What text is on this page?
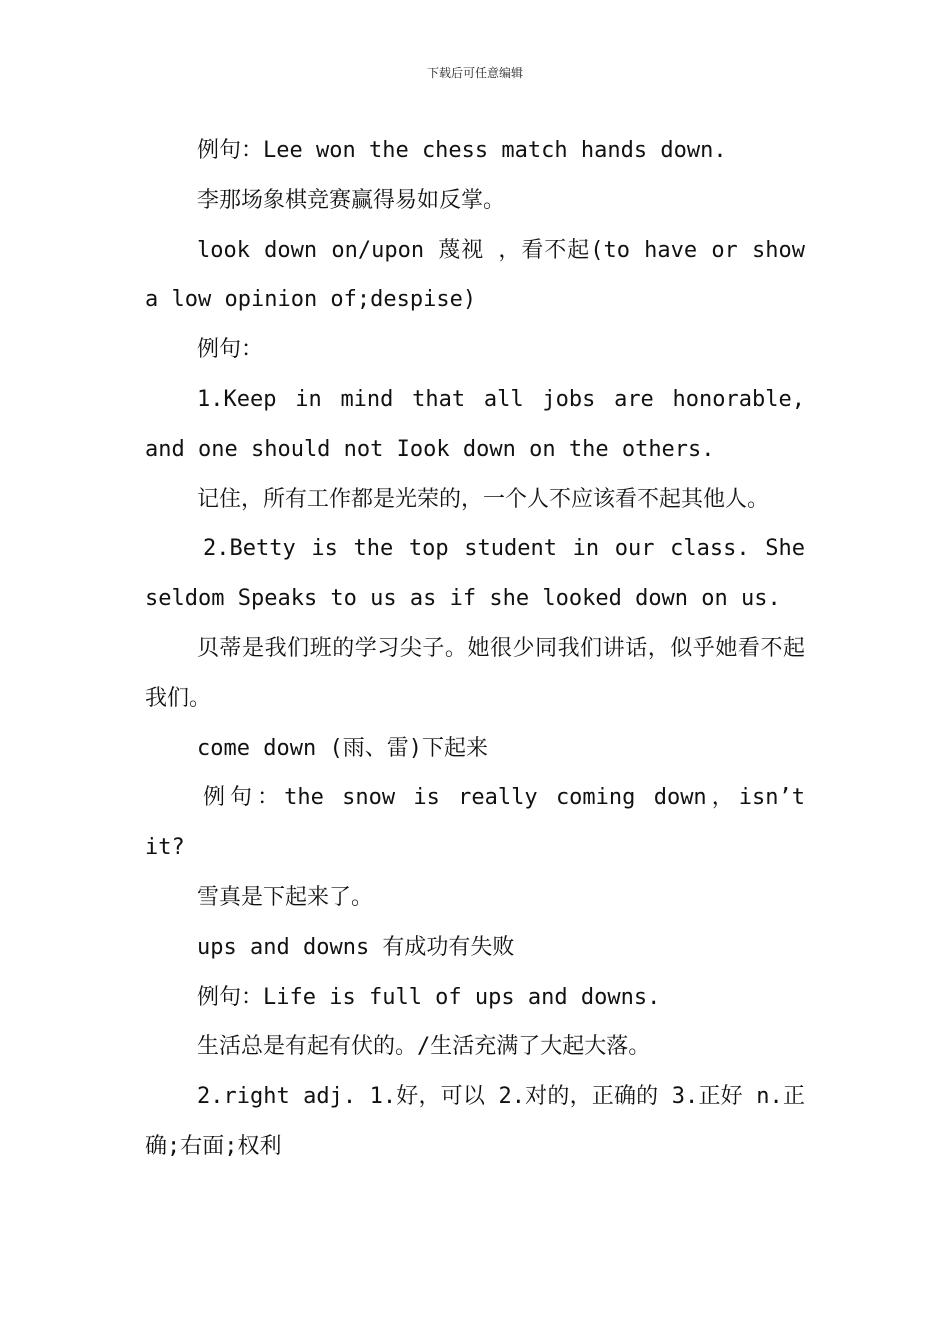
下载后可任意编辑

例句：Lee won the chess match hands down.

李那场象棋竞赛赢得易如反掌。

look down on/upon 蔑视 ，看不起(to have or show a low opinion of;despise)

例句：

1.Keep in mind that all jobs are honorable, and one should not Iook down on the others.

记住，所有工作都是光荣的，一个人不应该看不起其他人。

2.Betty is the top student in our class. She seldom Speaks to us as if she looked down on us.

贝蒂是我们班的学习尖子。她很少同我们讲话，似乎她看不起我们。

come down (雨、雷)下起来

例句：the snow is really coming down，isn’t it?

雪真是下起来了。

ups and downs 有成功有失败

例句：Life is full of ups and downs.

生活总是有起有伏的。/生活充满了大起大落。

2.right adj. 1.好，可以 2.对的，正确的 3.正好 n.正确;右面;权利
